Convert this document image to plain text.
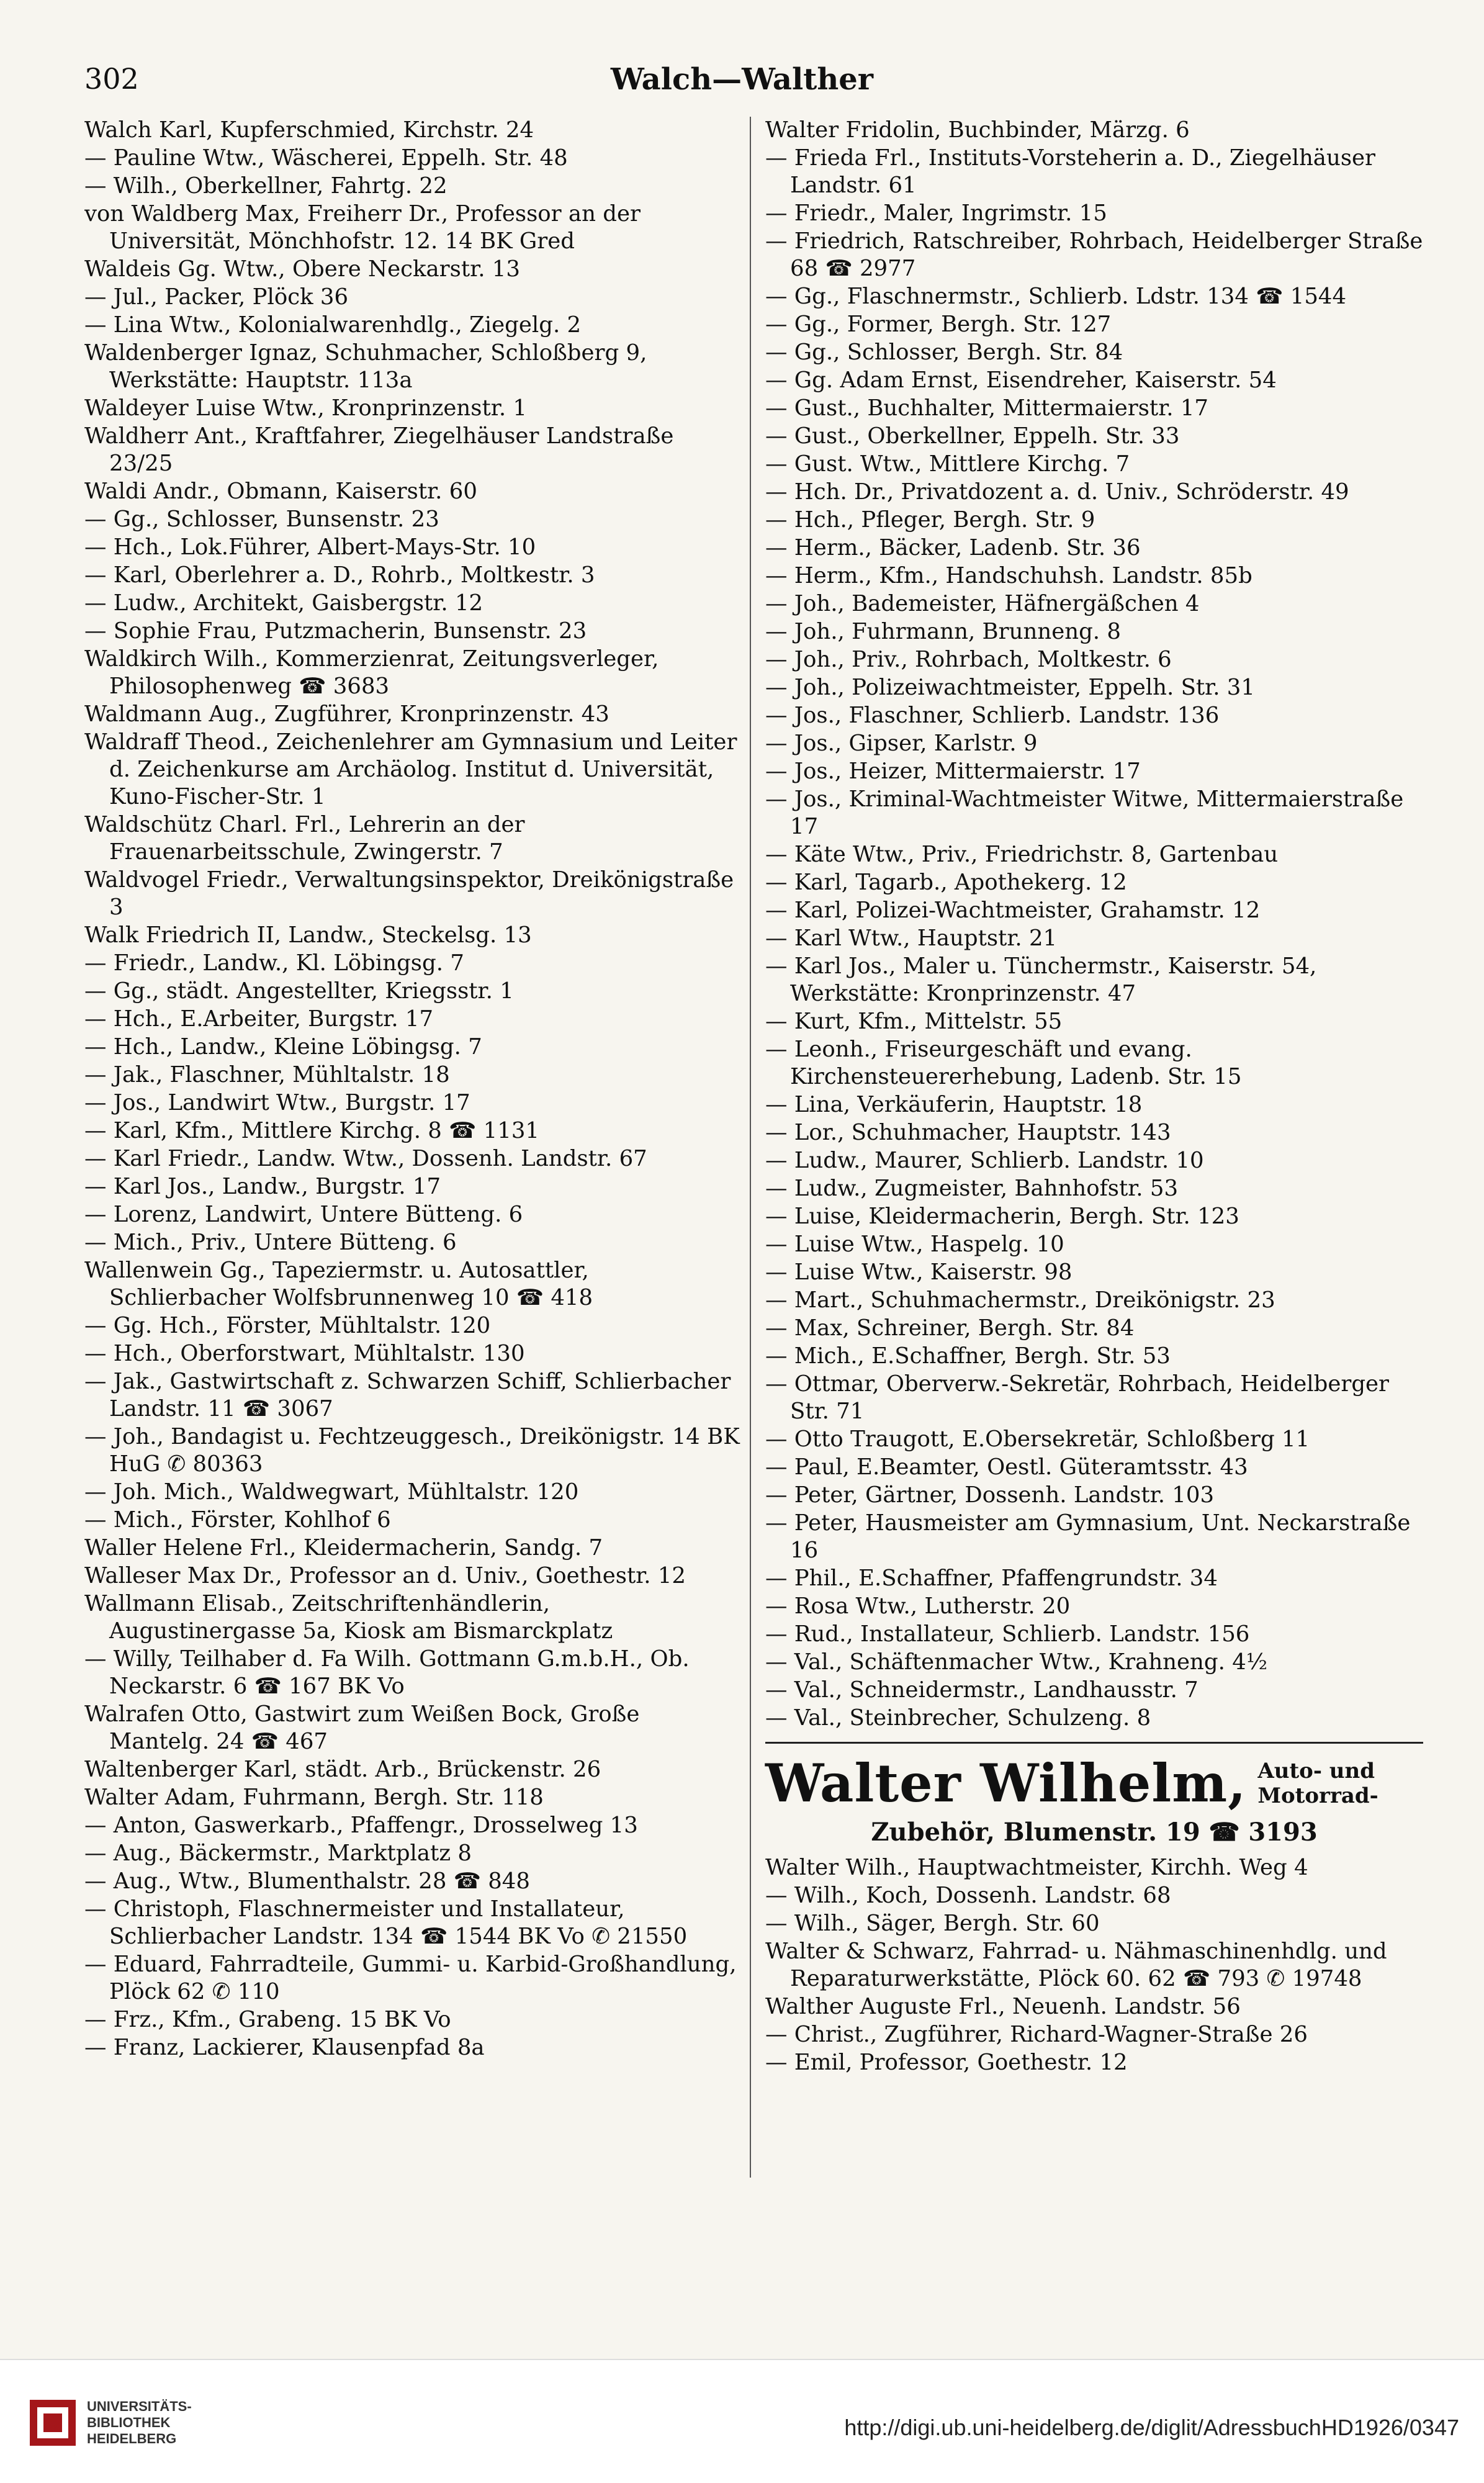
302	Walch—Walther
Walch Karl, Kupferschmied, Kirchstr. 24
— Pauline Wtw., Wäscherei, Eppelh. Str. 48
— Wilh., Oberkellner, Fahrtg. 22
von Waldberg Max, Freiherr Dr., Professor an der Universität, Mönchhofstr. 12. 14 BK Gred
Waldeis Gg. Wtw., Obere Neckarstr. 13
— Jul., Packer, Plöck 36
— Lina Wtw., Kolonialwarenhdlg., Ziegelg. 2
Waldenberger Ignaz, Schuhmacher, Schloßberg 9, Werkstätte: Hauptstr. 113a
Waldeyer Luise Wtw., Kronprinzenstr. 1
Waldherr Ant., Kraftfahrer, Ziegelhäuser Landstraße 23/25
Waldi Andr., Obmann, Kaiserstr. 60
— Gg., Schlosser, Bunsenstr. 23
— Hch., Lok.Führer, Albert-Mays-Str. 10
— Karl, Oberlehrer a. D., Rohrb., Moltkestr. 3
— Ludw., Architekt, Gaisbergstr. 12
— Sophie Frau, Putzmacherin, Bunsenstr. 23
Waldkirch Wilh., Kommerzienrat, Zeitungsverleger, Philosophenweg ☎ 3683
Waldmann Aug., Zugführer, Kronprinzenstr. 43
Waldraff Theod., Zeichenlehrer am Gymnasium und Leiter d. Zeichenkurse am Archäolog. Institut d. Universität, Kuno-Fischer-Str. 1
Waldschütz Charl. Frl., Lehrerin an der Frauenarbeitsschule, Zwingerstr. 7
Waldvogel Friedr., Verwaltungsinspektor, Dreikönigstraße 3
Walk Friedrich II, Landw., Steckelsg. 13
— Friedr., Landw., Kl. Löbingsg. 7
— Gg., städt. Angestellter, Kriegsstr. 1
— Hch., E.Arbeiter, Burgstr. 17
— Hch., Landw., Kleine Löbingsg. 7
— Jak., Flaschner, Mühltalstr. 18
— Jos., Landwirt Wtw., Burgstr. 17
— Karl, Kfm., Mittlere Kirchg. 8 ☎ 1131
— Karl Friedr., Landw. Wtw., Dossenh. Landstr. 67
— Karl Jos., Landw., Burgstr. 17
— Lorenz, Landwirt, Untere Bütteng. 6
— Mich., Priv., Untere Bütteng. 6
Wallenwein Gg., Tapeziermstr. u. Autosattler, Schlierbacher Wolfsbrunnenweg 10 ☎ 418
— Gg. Hch., Förster, Mühltalstr. 120
— Hch., Oberforstwart, Mühltalstr. 130
— Jak., Gastwirtschaft z. Schwarzen Schiff, Schlierbacher Landstr. 11 ☎ 3067
— Joh., Bandagist u. Fechtzeuggesch., Dreikönigstr. 14 BK HuG ✆ 80363
— Joh. Mich., Waldwegwart, Mühltalstr. 120
— Mich., Förster, Kohlhof 6
Waller Helene Frl., Kleidermacherin, Sandg. 7
Walleser Max Dr., Professor an d. Univ., Goethestr. 12
Wallmann Elisab., Zeitschriftenhändlerin, Augustinergasse 5a, Kiosk am Bismarckplatz
— Willy, Teilhaber d. Fa Wilh. Gottmann G.m.b.H., Ob. Neckarstr. 6 ☎ 167 BK Vo
Walrafen Otto, Gastwirt zum Weißen Bock, Große Mantelg. 24 ☎ 467
Waltenberger Karl, städt. Arb., Brückenstr. 26
Walter Adam, Fuhrmann, Bergh. Str. 118
— Anton, Gaswerkarb., Pfaffengr., Drosselweg 13
— Aug., Bäckermstr., Marktplatz 8
— Aug., Wtw., Blumenthalstr. 28 ☎ 848
— Christoph, Flaschnermeister und Installateur, Schlierbacher Landstr. 134 ☎ 1544 BK Vo ✆ 21550
— Eduard, Fahrradteile, Gummi- u. Karbid-Großhandlung, Plöck 62 ✆ 110
— Frz., Kfm., Grabeng. 15 BK Vo
— Franz, Lackierer, Klausenpfad 8a
Walter Fridolin, Buchbinder, Märzg. 6
— Frieda Frl., Instituts-Vorsteherin a. D., Ziegelhäuser Landstr. 61
— Friedr., Maler, Ingrimstr. 15
— Friedrich, Ratschreiber, Rohrbach, Heidelberger Straße 68 ☎ 2977
— Gg., Flaschnermstr., Schlierb. Ldstr. 134 ☎ 1544
— Gg., Former, Bergh. Str. 127
— Gg., Schlosser, Bergh. Str. 84
— Gg. Adam Ernst, Eisendreher, Kaiserstr. 54
— Gust., Buchhalter, Mittermaierstr. 17
— Gust., Oberkellner, Eppelh. Str. 33
— Gust. Wtw., Mittlere Kirchg. 7
— Hch. Dr., Privatdozent a. d. Univ., Schröderstr. 49
— Hch., Pfleger, Bergh. Str. 9
— Herm., Bäcker, Ladenb. Str. 36
— Herm., Kfm., Handschuhsh. Landstr. 85b
— Joh., Bademeister, Häfnergäßchen 4
— Joh., Fuhrmann, Brunneng. 8
— Joh., Priv., Rohrbach, Moltkestr. 6
— Joh., Polizeiwachtmeister, Eppelh. Str. 31
— Jos., Flaschner, Schlierb. Landstr. 136
— Jos., Gipser, Karlstr. 9
— Jos., Heizer, Mittermaierstr. 17
— Jos., Kriminal-Wachtmeister Witwe, Mittermaierstraße 17
— Käte Wtw., Priv., Friedrichstr. 8, Gartenbau
— Karl, Tagarb., Apothekerg. 12
— Karl, Polizei-Wachtmeister, Grahamstr. 12
— Karl Wtw., Hauptstr. 21
— Karl Jos., Maler u. Tünchermstr., Kaiserstr. 54, Werkstätte: Kronprinzenstr. 47
— Kurt, Kfm., Mittelstr. 55
— Leonh., Friseurgeschäft und evang. Kirchensteuererhebung, Ladenb. Str. 15
— Lina, Verkäuferin, Hauptstr. 18
— Lor., Schuhmacher, Hauptstr. 143
— Ludw., Maurer, Schlierb. Landstr. 10
— Ludw., Zugmeister, Bahnhofstr. 53
— Luise, Kleidermacherin, Bergh. Str. 123
— Luise Wtw., Haspelg. 10
— Luise Wtw., Kaiserstr. 98
— Mart., Schuhmachermstr., Dreikönigstr. 23
— Max, Schreiner, Bergh. Str. 84
— Mich., E.Schaffner, Bergh. Str. 53
— Ottmar, Oberverw.-Sekretär, Rohrbach, Heidelberger Str. 71
— Otto Traugott, E.Obersekretär, Schloßberg 11
— Paul, E.Beamter, Oestl. Güteramtsstr. 43
— Peter, Gärtner, Dossenh. Landstr. 103
— Peter, Hausmeister am Gymnasium, Unt. Neckarstraße 16
— Phil., E.Schaffner, Pfaffengrundstr. 34
— Rosa Wtw., Lutherstr. 20
— Rud., Installateur, Schlierb. Landstr. 156
— Val., Schäftenmacher Wtw., Krahneng. 4½
— Val., Schneidermstr., Landhausstr. 7
— Val., Steinbrecher, Schulzeng. 8
Walter Wilhelm, Auto- und
Motorrad-
Zubehör, Blumenstr. 19 ☎ 3193
Walter Wilh., Hauptwachtmeister, Kirchh. Weg 4
— Wilh., Koch, Dossenh. Landstr. 68
— Wilh., Säger, Bergh. Str. 60
Walter & Schwarz, Fahrrad- u. Nähmaschinenhdlg. und Reparaturwerkstätte, Plöck 60. 62 ☎ 793 ✆ 19748
Walther Auguste Frl., Neuenh. Landstr. 56
— Christ., Zugführer, Richard-Wagner-Straße 26
— Emil, Professor, Goethestr. 12
UNIVERSITÄTS-
BIBLIOTHEK
HEIDELBERG	http://digi.ub.uni-heidelberg.de/diglit/AdressbuchHD1926/0347
